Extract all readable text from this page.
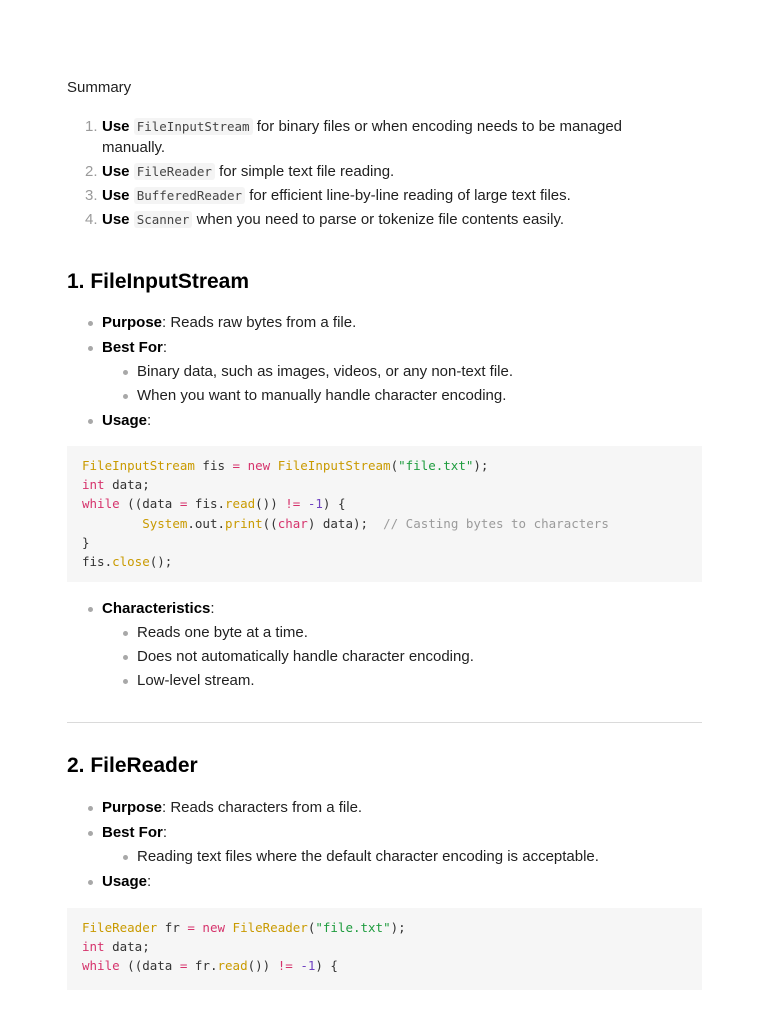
Summary
1. Use FileInputStream for binary files or when encoding needs to be managed manually.
2. Use FileReader for simple text file reading.
3. Use BufferedReader for efficient line-by-line reading of large text files.
4. Use Scanner when you need to parse or tokenize file contents easily.
1. FileInputStream
Purpose: Reads raw bytes from a file.
Best For:
Binary data, such as images, videos, or any non-text file.
When you want to manually handle character encoding.
Usage:
FileInputStream fis = new FileInputStream("file.txt");
int data;
while ((data = fis.read()) != -1) {
System.out.print((char) data);  // Casting bytes to characters
}
fis.close();
Characteristics:
Reads one byte at a time.
Does not automatically handle character encoding.
Low-level stream.
2. FileReader
Purpose: Reads characters from a file.
Best For:
Reading text files where the default character encoding is acceptable.
Usage:
FileReader fr = new FileReader("file.txt");
int data;
while ((data = fr.read()) != -1) {
